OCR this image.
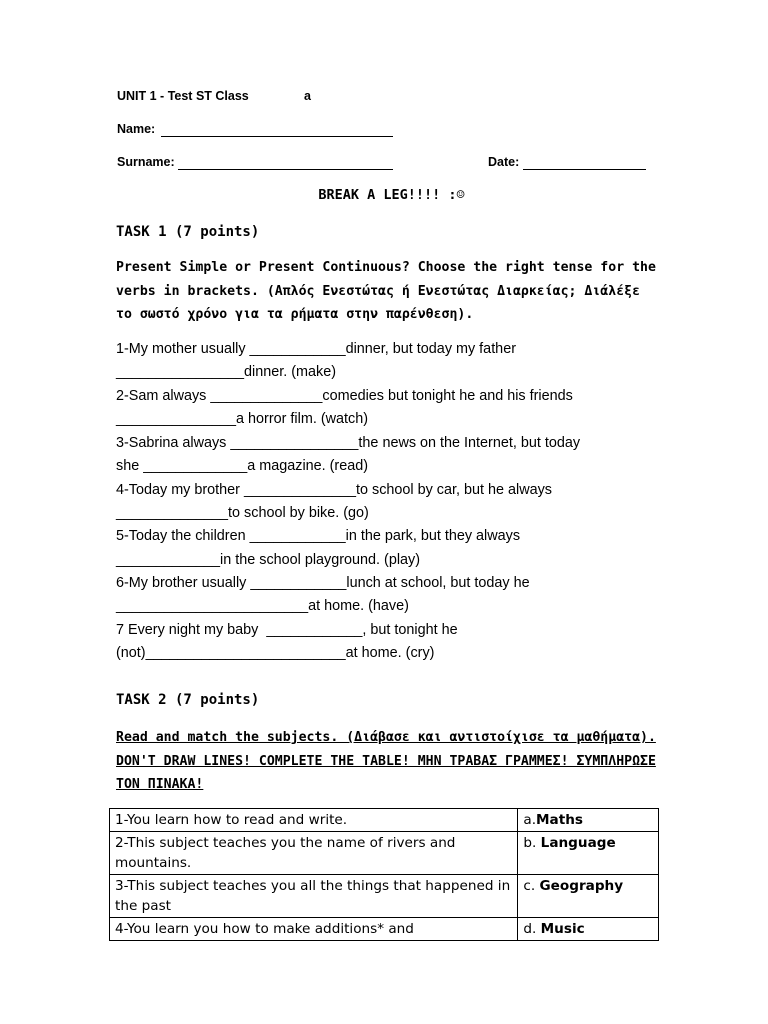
UNIT 1 - Test ST Class	a
Name:
Surname:	Date:
BREAK A LEG!!!! :☺
TASK 1 (7 points)
Present Simple or Present Continuous? Choose the right tense for the verbs in brackets. (Απλός Ενεστώτας ή Ενεστώτας Διαρκείας; Διάλέξε το σωστό χρόνο για τα ρήματα στην παρένθεση).
1-My mother usually ____________dinner, but today my father
________________dinner. (make)
2-Sam always ______________comedies but tonight he and his friends
_______________a horror film. (watch)
3-Sabrina always ________________the news on the Internet, but today
she _____________a magazine. (read)
4-Today my brother ______________to school by car, but he always
______________to school by bike. (go)
5-Today the children ____________in the park, but they always
_____________in the school playground. (play)
6-My brother usually ____________lunch at school, but today he
________________________at home. (have)
7 Every night my baby  ____________, but tonight he
(not)_________________________at home. (cry)
TASK 2 (7 points)
Read and match the subjects. (Διάβασε και αντιστοίχισε τα μαθήματα). DON'T DRAW LINES! COMPLETE THE TABLE! ΜΗΝ ΤΡΑΒΑΣ ΓΡΑΜΜΕΣ! ΣΥΜΠΛΗΡΩΣΕ ΤΟΝ ΠΙΝΑΚΑ!
1-You learn how to read and write.	a.Maths
2-This subject teaches you the name of rivers and mountains.	b. Language
3-This subject teaches you all the things that happened in the past	c. Geography
4-You learn you how to make additions* and	d. Music
